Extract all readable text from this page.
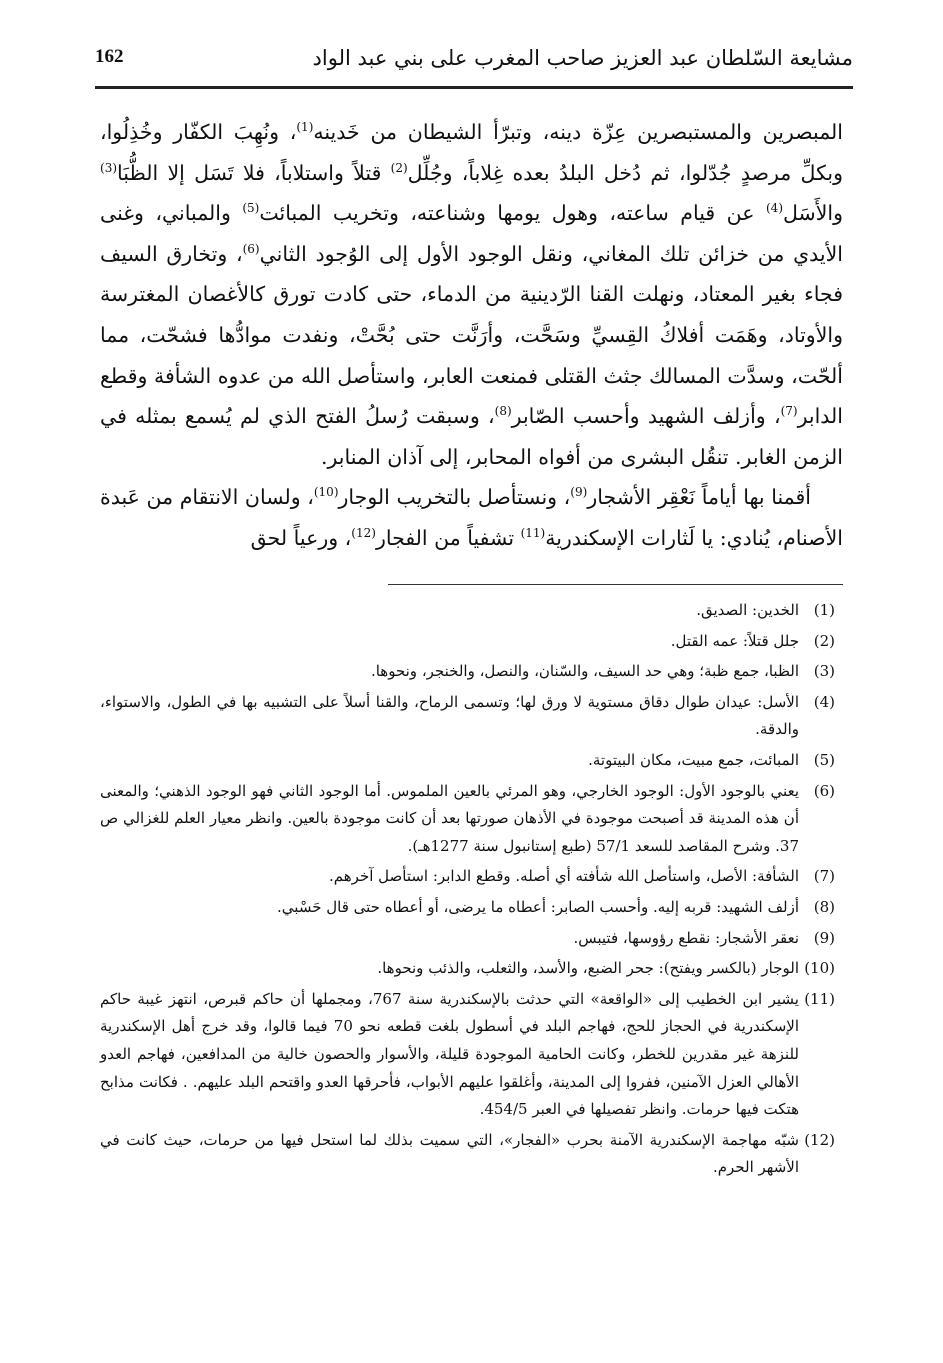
مشايعة السّلطان عبد العزيز صاحب المغرب على بني عبد الواد
162

المبصرين والمستبصرين عِزّة دينه، وتبرّأ الشيطان من خَدينه$^{(1)}$، ونُهِبَ الكفّار وخُذِلُوا، وبكلِّ مرصدٍ جُدّلوا، ثم دُخل البلدُ بعده غِلاباً، وجُلِّل$^{(2)}$ قتلاً واستلاباً، فلا تَسَل إلا الظُّبَا$^{(3)}$ والأَسَل$^{(4)}$ عن قيام ساعته، وهول يومها وشناعته، وتخريب المبائت$^{(5)}$ والمباني، وغنى الأيدي من خزائن تلك المغاني، ونقل الوجود الأول إلى الوُجود الثاني$^{(6)}$، وتخارق السيف فجاء بغير المعتاد، ونهلت القنا الرّدينية من الدماء، حتى كادت تورق كالأغصان المغترسة والأوتاد، وهَمَت أفلاكُ القِسيِّ وسَحَّت، وأرَنَّت حتى بُحَّتْ، ونفدت موادُّها فشحّت، مما ألحّت، وسدَّت المسالك جثث القتلى فمنعت العابر، واستأصل الله من عدوه الشأفة وقطع الدابر$^{(7)}$، وأزلف الشهيد وأحسب الصّابر$^{(8)}$، وسبقت رُسلُ الفتح الذي لم يُسمع بمثله في الزمن الغابر. تنقُل البشرى من أفواه المحابر، إلى آذان المنابر.

أقمنا بها أياماً نَعْقِر الأشجار$^{(9)}$، ونستأصل بالتخريب الوجار$^{(10)}$، ولسان الانتقام من عَبدة الأصنام، يُنادي: يا لَثارات الإسكندرية$^{(11)}$ تشفياً من الفجار$^{(12)}$، ورعياً لحق

(1)
الخدين: الصديق.
(2)
جلل قتلاً: عمه القتل.
(3)
الظبا، جمع ظبة؛ وهي حد السيف، والسّنان، والنصل، والخنجر، ونحوها.
(4)
الأسل: عيدان طوال دقاق مستوية لا ورق لها؛ وتسمى الرماح، والقنا أسلاً على التشبيه بها في الطول، والاستواء، والدقة.
(5)
المبائت، جمع مبيت، مكان البيتوتة.
(6)
يعني بالوجود الأول: الوجود الخارجي، وهو المرئي بالعين الملموس. أما الوجود الثاني فهو الوجود الذهني؛ والمعنى أن هذه المدينة قد أصبحت موجودة في الأذهان صورتها بعد أن كانت موجودة بالعين. وانظر معيار العلم للغزالي ص 37. وشرح المقاصد للسعد 57/1 (طبع إستانبول سنة 1277هـ).
(7)
الشأفة: الأصل، واستأصل الله شأفته أي أصله. وقطع الدابر: استأصل آخرهم.
(8)
أزلف الشهيد: قربه إليه. وأحسب الصابر: أعطاه ما يرضى، أو أعطاه حتى قال حَسْبي.
(9)
نعقر الأشجار: نقطع رؤوسها، فتيبس.
(10)
الوجار (بالكسر ويفتح): جحر الضبع، والأسد، والثعلب، والذئب ونحوها.
(11)
يشير ابن الخطيب إلى «الواقعة» التي حدثت بالإسكندرية سنة 767، ومجملها أن حاكم قبرص، انتهز غيبة حاكم الإسكندرية في الحجاز للحج، فهاجم البلد في أسطول بلغت قطعه نحو 70 فيما قالوا، وقد خرج أهل الإسكندرية للنزهة غير مقدرين للخطر، وكانت الحامية الموجودة قليلة، والأسوار والحصون خالية من المدافعين، فهاجم العدو الأهالي العزل الآمنين، ففروا إلى المدينة، وأغلقوا عليهم الأبواب، فأحرقها العدو واقتحم البلد عليهم. . فكانت مذابح هتكت فيها حرمات. وانظر تفصيلها في العبر 454/5.
(12)
شبّه مهاجمة الإسكندرية الآمنة بحرب «الفجار»، التي سميت بذلك لما استحل فيها من حرمات، حيث كانت في الأشهر الحرم.
